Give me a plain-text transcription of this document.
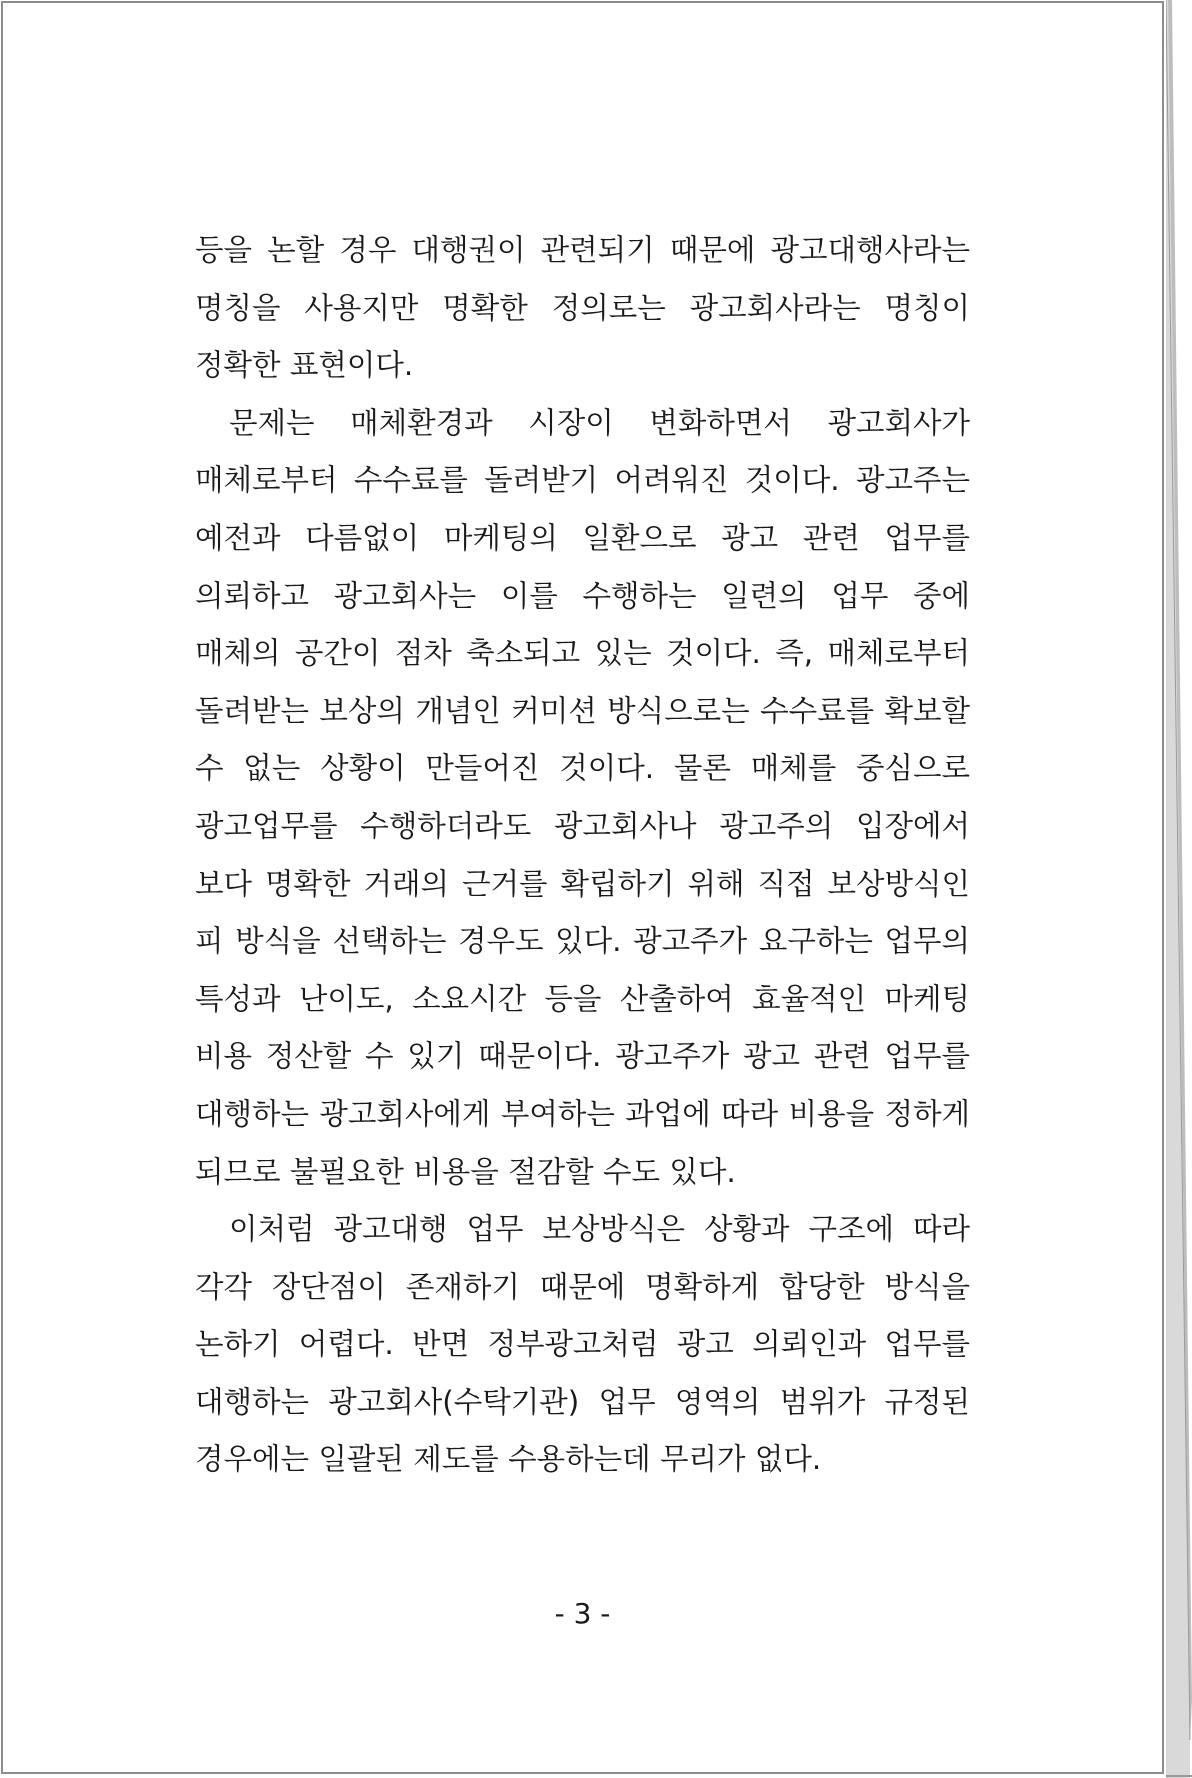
등을 논할 경우 대행권이 관련되기 때문에 광고대행사라는 명칭을 사용지만 명확한 정의로는 광고회사라는 명칭이 정확한 표현이다.

문제는 매체환경과 시장이 변화하면서 광고회사가 매체로부터 수수료를 돌려받기 어려워진 것이다. 광고주는 예전과 다름없이 마케팅의 일환으로 광고 관련 업무를 의뢰하고 광고회사는 이를 수행하는 일련의 업무 중에 매체의 공간이 점차 축소되고 있는 것이다. 즉, 매체로부터 돌려받는 보상의 개념인 커미션 방식으로는 수수료를 확보할 수 없는 상황이 만들어진 것이다. 물론 매체를 중심으로 광고업무를 수행하더라도 광고회사나 광고주의 입장에서 보다 명확한 거래의 근거를 확립하기 위해 직접 보상방식인 피 방식을 선택하는 경우도 있다. 광고주가 요구하는 업무의 특성과 난이도, 소요시간 등을 산출하여 효율적인 마케팅 비용 정산할 수 있기 때문이다. 광고주가 광고 관련 업무를 대행하는 광고회사에게 부여하는 과업에 따라 비용을 정하게 되므로 불필요한 비용을 절감할 수도 있다.

이처럼 광고대행 업무 보상방식은 상황과 구조에 따라 각각 장단점이 존재하기 때문에 명확하게 합당한 방식을 논하기 어렵다. 반면 정부광고처럼 광고 의뢰인과 업무를 대행하는 광고회사(수탁기관) 업무 영역의 범위가 규정된 경우에는 일괄된 제도를 수용하는데 무리가 없다.

- 3 -
